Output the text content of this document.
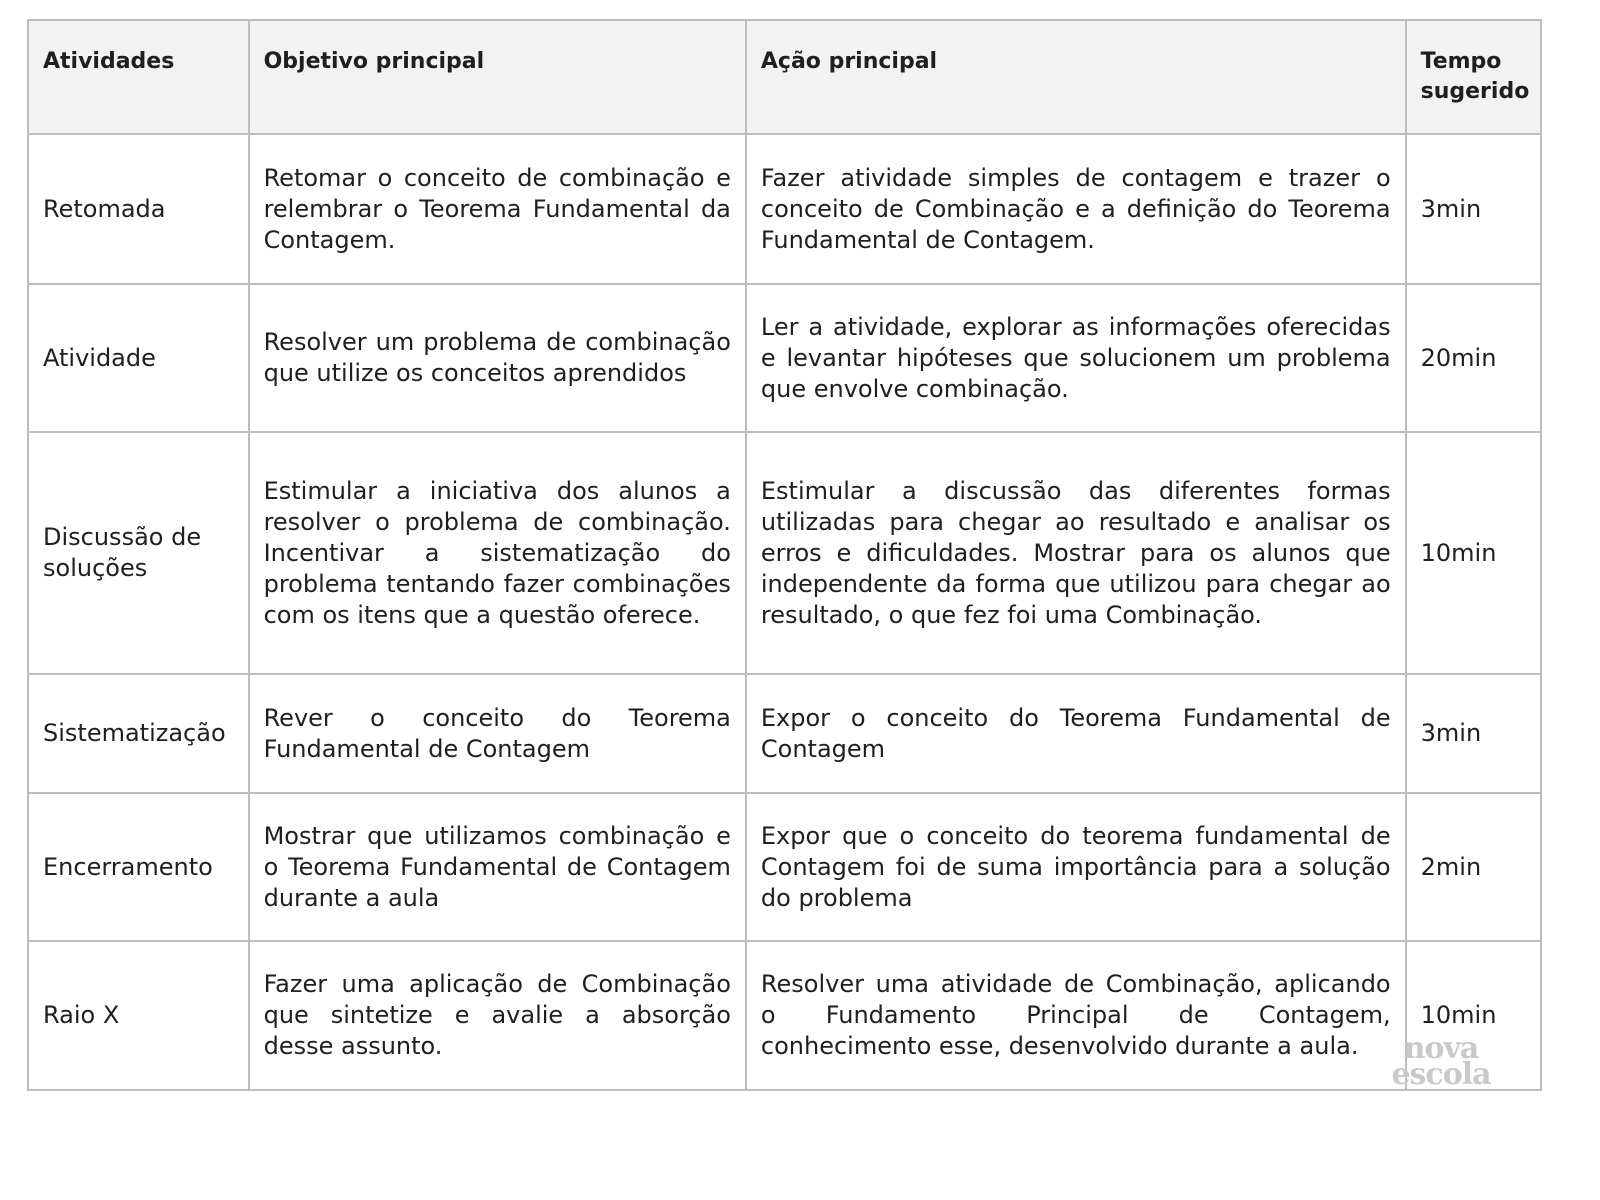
Atividades	Objetivo principal	Ação principal	Tempo sugerido
Retomada	Retomar o conceito de combinação e relembrar o Teorema Fundamental da Contagem.	Fazer atividade simples de contagem e trazer o conceito de Combinação e a definição do Teorema Fundamental de Contagem.	3min
Atividade	Resolver um problema de combinação que utilize os conceitos aprendidos	Ler a atividade, explorar as informações oferecidas e levantar hipóteses que solucionem um problema que envolve combinação.	20min
Discussão de soluções	Estimular a iniciativa dos alunos a resolver o problema de combinação. Incentivar a sistematização do problema tentando fazer combinações com os itens que a questão oferece.	Estimular a discussão das diferentes formas utilizadas para chegar ao resultado e analisar os erros e dificuldades. Mostrar para os alunos que independente da forma que utilizou para chegar ao resultado, o que fez foi uma Combinação.	10min
Sistematização	Rever o conceito do Teorema Fundamental de Contagem	Expor o conceito do Teorema Fundamental de Contagem	3min
Encerramento	Mostrar que utilizamos combinação e o Teorema Fundamental de Contagem durante a aula	Expor que o conceito do teorema fundamental de Contagem foi de suma importância para a solução do problema	2min
Raio X	Fazer uma aplicação de Combinação que sintetize e avalie a absorção desse assunto.	Resolver uma atividade de Combinação, aplicando o Fundamento Principal de Contagem, conhecimento esse, desenvolvido durante a aula.	10min
nova
escola
